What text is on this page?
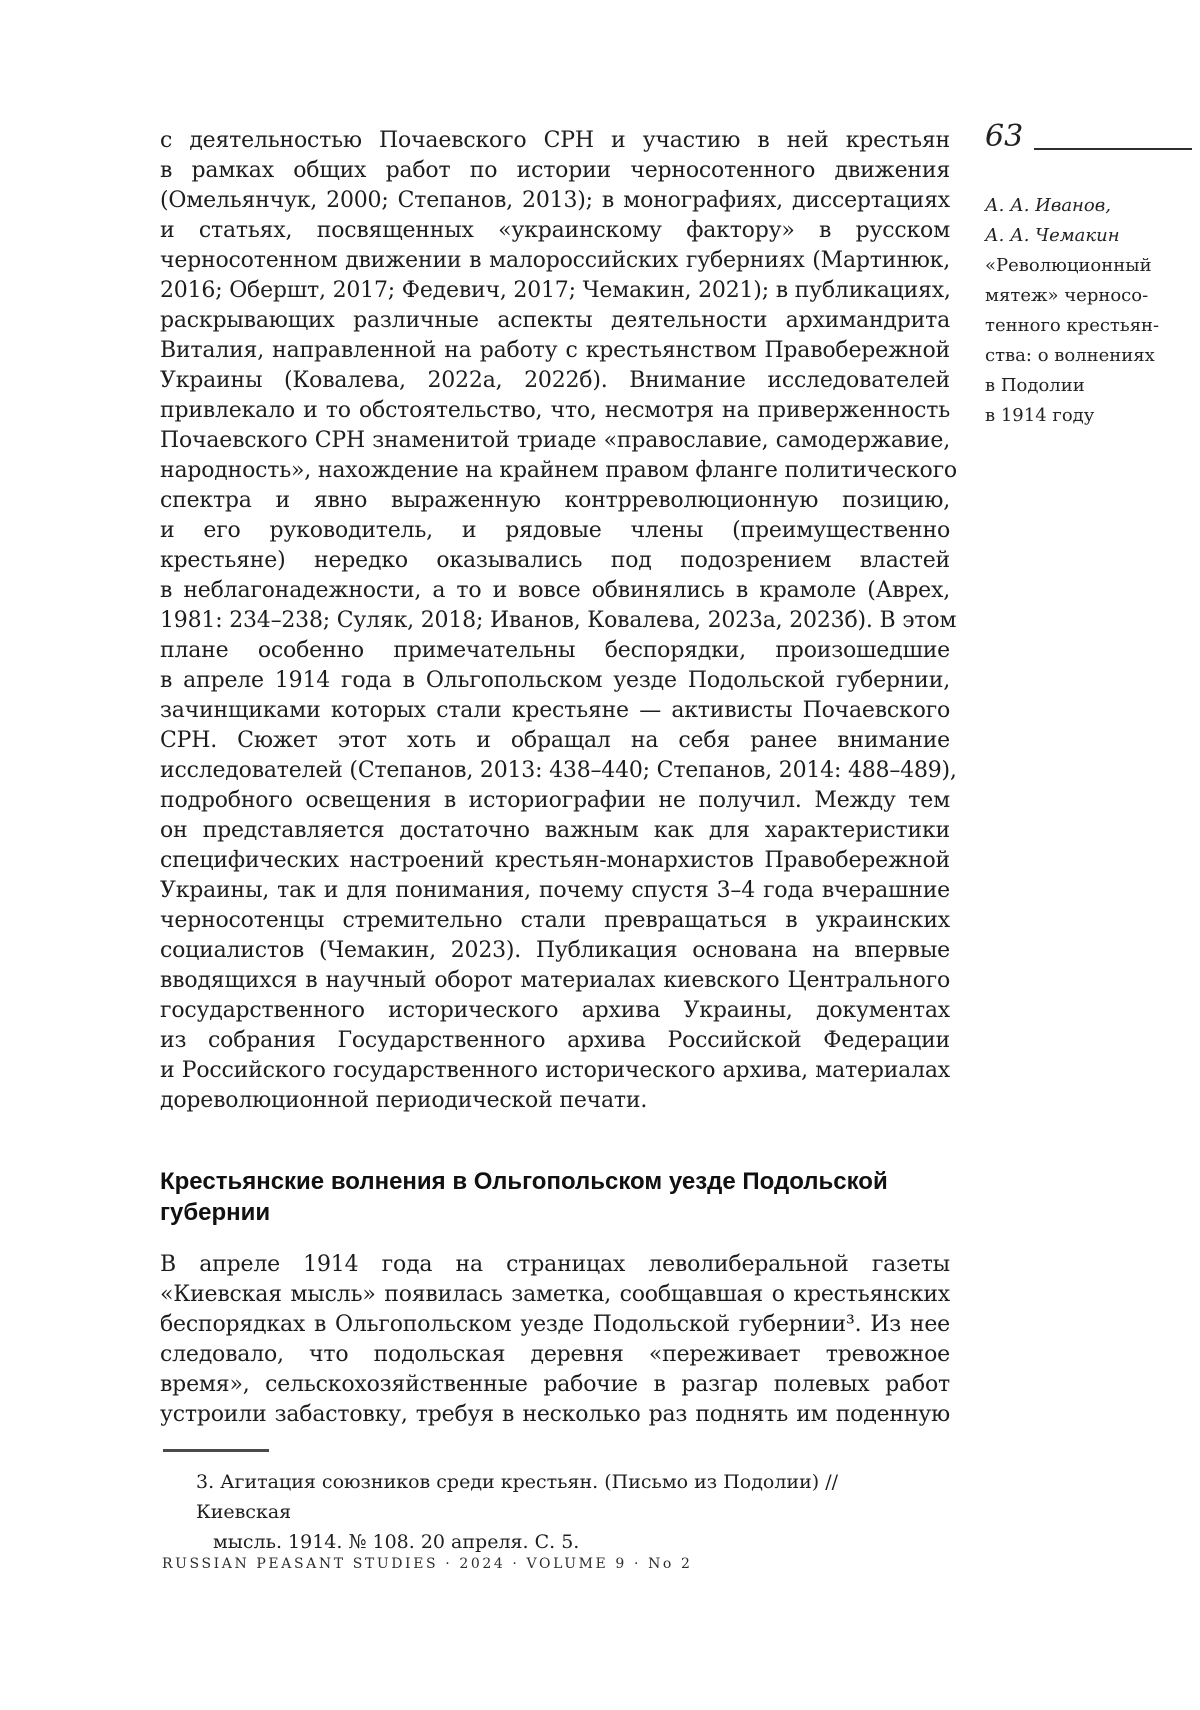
с деятельностью Почаевского СРН и участию в ней крестьян
в рамках общих работ по истории черносотенного движения
(Омельянчук, 2000; Степанов, 2013); в монографиях, диссертациях
и статьях, посвященных «украинскому фактору» в русском
черносотенном движении в малороссийских губерниях (Мартинюк,
2016; Обершт, 2017; Федевич, 2017; Чемакин, 2021); в публикациях,
раскрывающих различные аспекты деятельности архимандрита
Виталия, направленной на работу с крестьянством Правобережной
Украины (Ковалева, 2022а, 2022б). Внимание исследователей
привлекало и то обстоятельство, что, несмотря на приверженность
Почаевского СРН знаменитой триаде «православие, самодержавие,
народность», нахождение на крайнем правом фланге политического
спектра и явно выраженную контрреволюционную позицию,
и его руководитель, и рядовые члены (преимущественно
крестьяне) нередко оказывались под подозрением властей
в неблагонадежности, а то и вовсе обвинялись в крамоле (Аврех,
1981: 234–238; Суляк, 2018; Иванов, Ковалева, 2023а, 2023б). В этом
плане особенно примечательны беспорядки, произошедшие
в апреле 1914 года в Ольгопольском уезде Подольской губернии,
зачинщиками которых стали крестьяне — активисты Почаевского
СРН. Сюжет этот хоть и обращал на себя ранее внимание
исследователей (Степанов, 2013: 438–440; Степанов, 2014: 488–489),
подробного освещения в историографии не получил. Между тем
он представляется достаточно важным как для характеристики
специфических настроений крестьян-монархистов Правобережной
Украины, так и для понимания, почему спустя 3–4 года вчерашние
черносотенцы стремительно стали превращаться в украинских
социалистов (Чемакин, 2023). Публикация основана на впервые
вводящихся в научный оборот материалах киевского Центрального
государственного исторического архива Украины, документах
из собрания Государственного архива Российской Федерации
и Российского государственного исторического архива, материалах
дореволюционной периодической печати.
63
А. А. Иванов,
А. А. Чемакин
«Революционный
мятеж» черносо-
тенного крестьян-
ства: о волнениях
в Подолии
в 1914 году
Крестьянские волнения в Ольгопольском уезде Подольской
губернии
В апреле 1914 года на страницах леволиберальной газеты
«Киевская мысль» появилась заметка, сообщавшая о крестьянских
беспорядках в Ольгопольском уезде Подольской губернии³. Из нее
следовало, что подольская деревня «переживает тревожное
время», сельскохозяйственные рабочие в разгар полевых работ
устроили забастовку, требуя в несколько раз поднять им поденную
3. Агитация союзников среди крестьян. (Письмо из Подолии) // Киевская
мысль. 1914. № 108. 20 апреля. С. 5.
RUSSIAN PEASANT STUDIES · 2024 · VOLUME 9 · No 2
